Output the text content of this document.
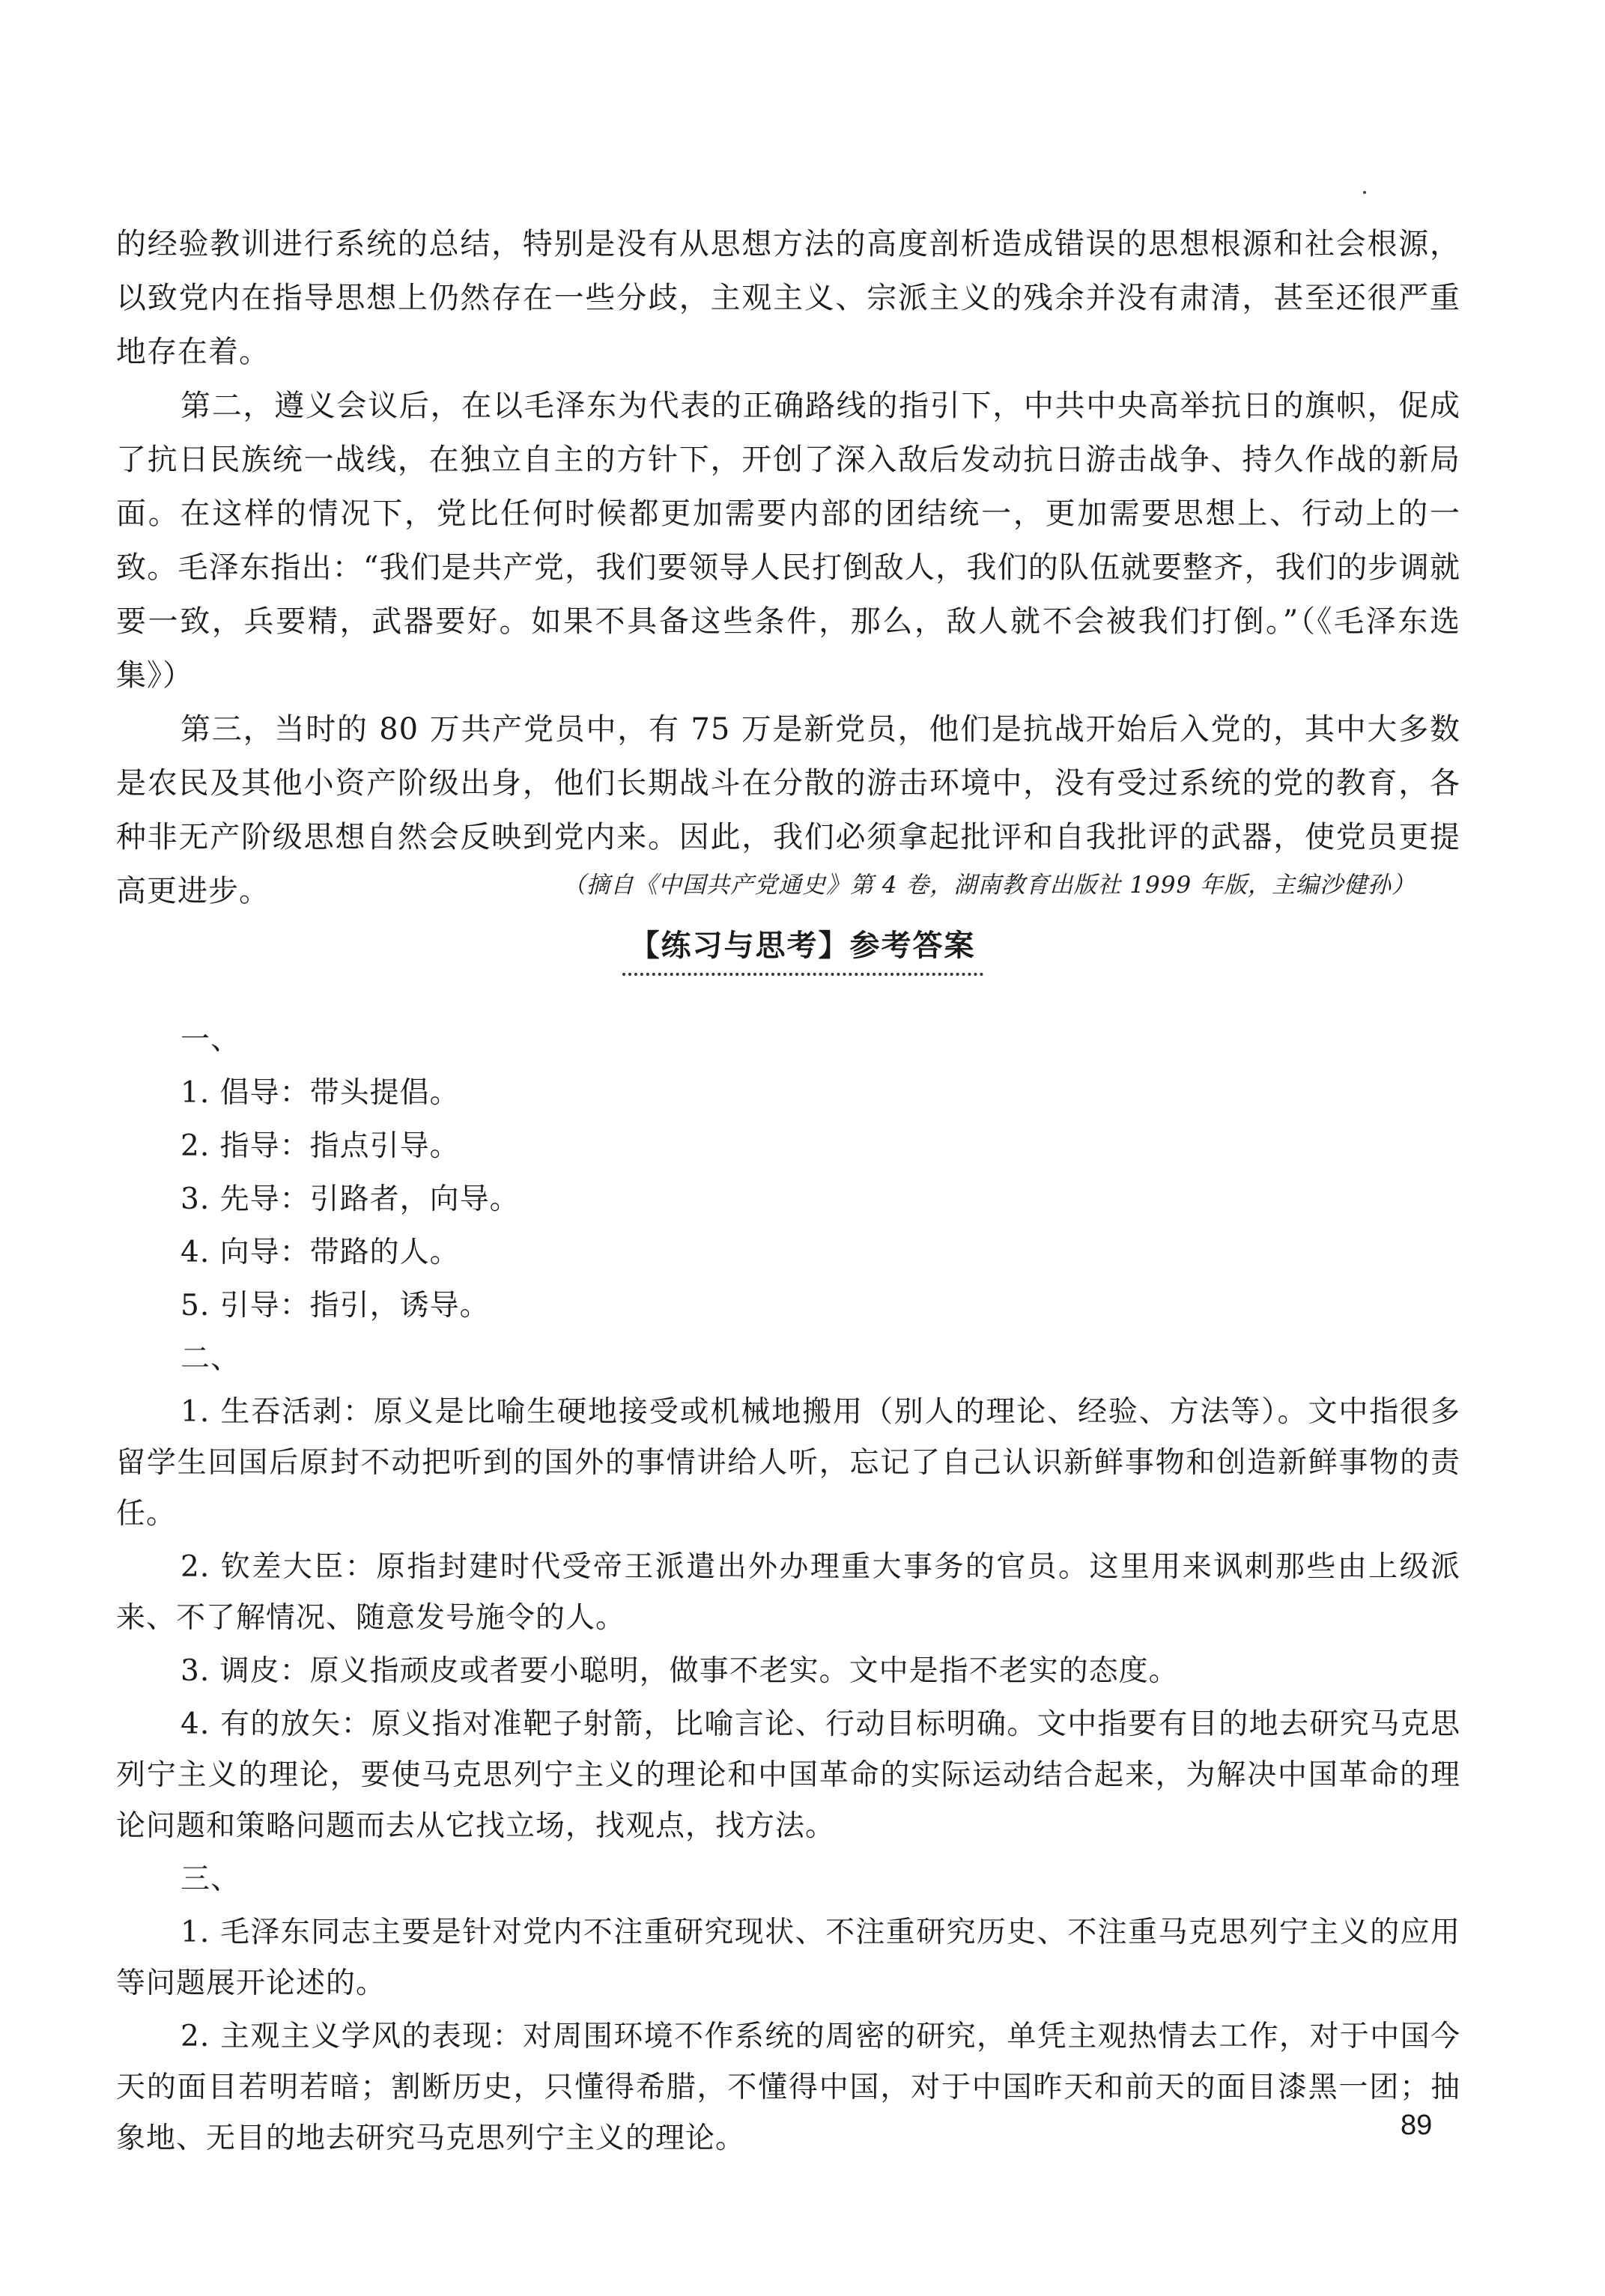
的经验教训进行系统的总结，特别是没有从思想方法的高度剖析造成错误的思想根源和社会根源，以致党内在指导思想上仍然存在一些分歧，主观主义、宗派主义的残余并没有肃清，甚至还很严重地存在着。

第二，遵义会议后，在以毛泽东为代表的正确路线的指引下，中共中央高举抗日的旗帜，促成了抗日民族统一战线，在独立自主的方针下，开创了深入敌后发动抗日游击战争、持久作战的新局面。在这样的情况下，党比任何时候都更加需要内部的团结统一，更加需要思想上、行动上的一致。毛泽东指出：“我们是共产党，我们要领导人民打倒敌人，我们的队伍就要整齐，我们的步调就要一致，兵要精，武器要好。如果不具备这些条件，那么，敌人就不会被我们打倒。”（《毛泽东选集》）

第三，当时的 80 万共产党员中，有 75 万是新党员，他们是抗战开始后入党的，其中大多数是农民及其他小资产阶级出身，他们长期战斗在分散的游击环境中，没有受过系统的党的教育，各种非无产阶级思想自然会反映到党内来。因此，我们必须拿起批评和自我批评的武器，使党员更提高更进步。	（摘自《中国共产党通史》第 4 卷，湖南教育出版社 1999 年版，主编沙健孙）
【练习与思考】参考答案

一、

1. 倡导：带头提倡。

2. 指导：指点引导。

3. 先导：引路者，向导。

4. 向导：带路的人。

5. 引导：指引，诱导。

二、

1. 生吞活剥：原义是比喻生硬地接受或机械地搬用（别人的理论、经验、方法等）。文中指很多留学生回国后原封不动把听到的国外的事情讲给人听，忘记了自己认识新鲜事物和创造新鲜事物的责任。

2. 钦差大臣：原指封建时代受帝王派遣出外办理重大事务的官员。这里用来讽刺那些由上级派来、不了解情况、随意发号施令的人。

3. 调皮：原义指顽皮或者要小聪明，做事不老实。文中是指不老实的态度。

4. 有的放矢：原义指对准靶子射箭，比喻言论、行动目标明确。文中指要有目的地去研究马克思列宁主义的理论，要使马克思列宁主义的理论和中国革命的实际运动结合起来，为解决中国革命的理论问题和策略问题而去从它找立场，找观点，找方法。

三、

1. 毛泽东同志主要是针对党内不注重研究现状、不注重研究历史、不注重马克思列宁主义的应用等问题展开论述的。

2. 主观主义学风的表现：对周围环境不作系统的周密的研究，单凭主观热情去工作，对于中国今天的面目若明若暗；割断历史，只懂得希腊，不懂得中国，对于中国昨天和前天的面目漆黑一团；抽象地、无目的地去研究马克思列宁主义的理论。	89
